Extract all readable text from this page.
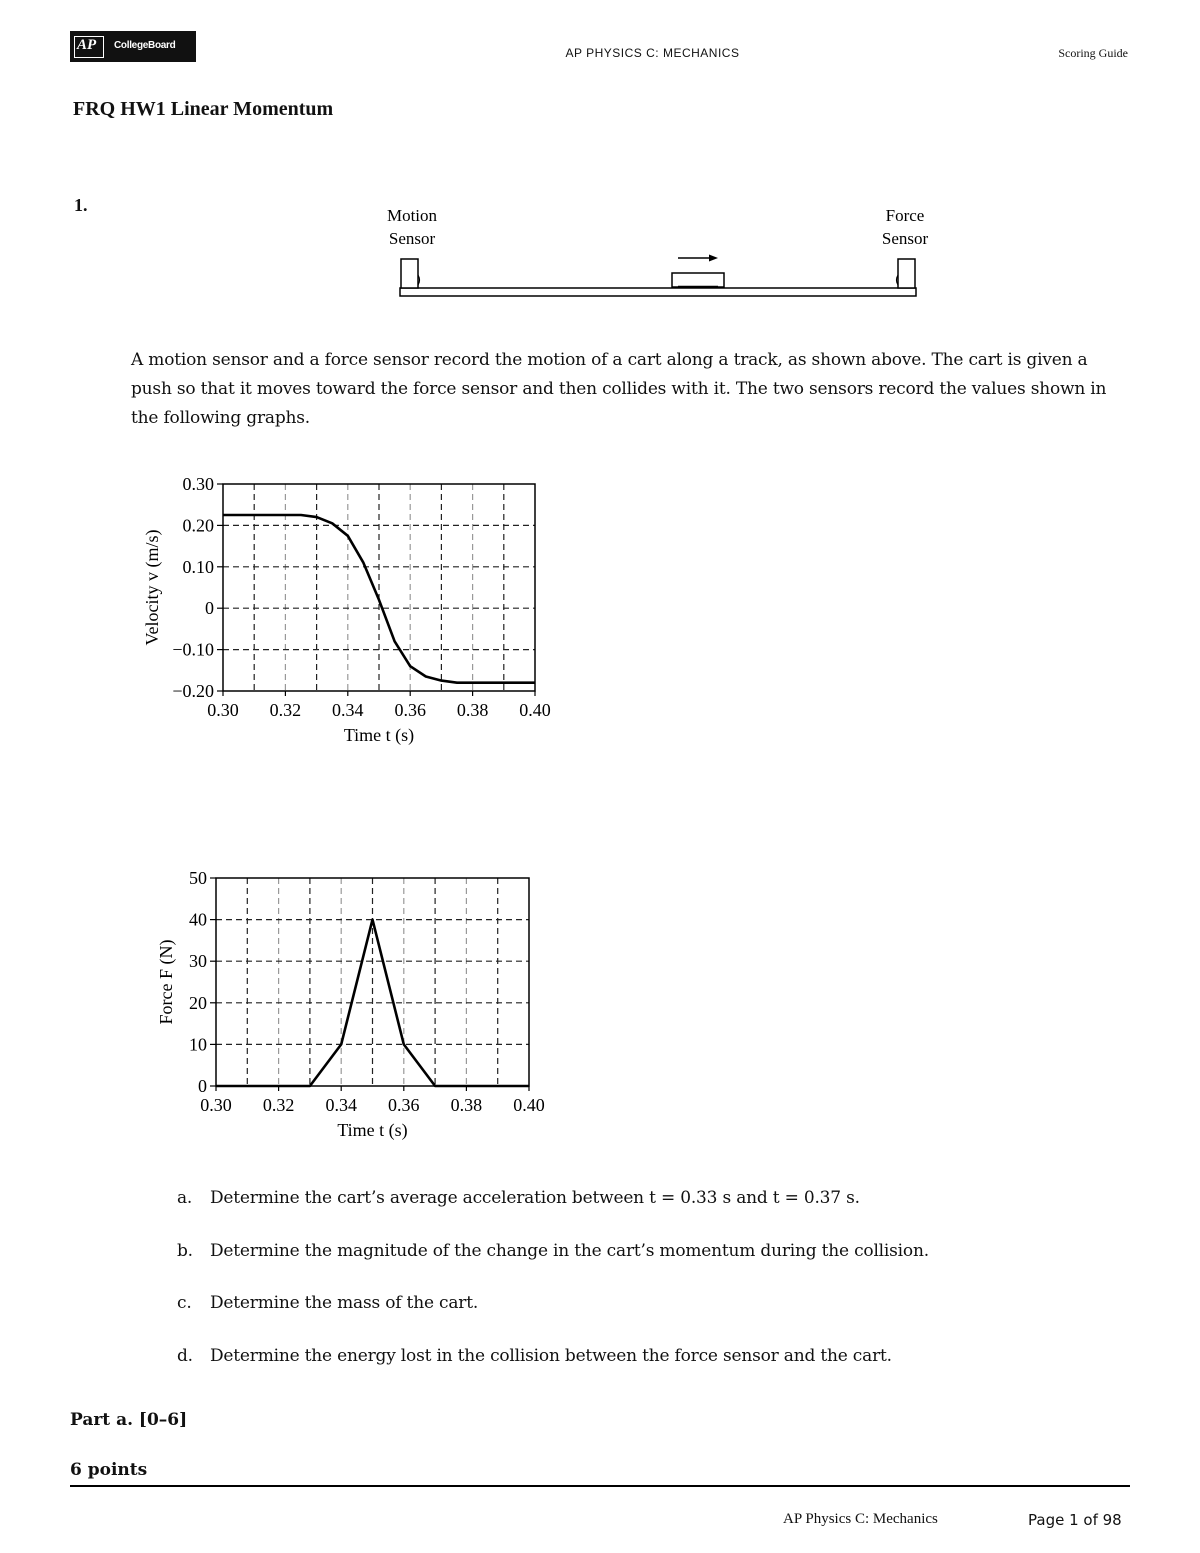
AP CollegeBoard
AP PHYSICS C: MECHANICS	Scoring Guide
FRQ HW1 Linear Momentum
1.
Motion
Sensor
Force
Sensor
A motion sensor and a force sensor record the motion of a cart along a track, as shown above. The cart is given a push so that it moves toward the force sensor and then collides with it. The two sensors record the values shown in the following graphs.
0.30
0.20
0.10
0
−0.10
−0.20
0.30 0.32 0.34 0.36 0.38 0.40
Time t (s)
Velocity v (m/s)
50
40
30
20
10
0
0.30 0.32 0.34 0.36 0.38 0.40
Time t (s)
Force F (N)
a. Determine the cart’s average acceleration between t = 0.33 s and t = 0.37 s.
b. Determine the magnitude of the change in the cart’s momentum during the collision.
c. Determine the mass of the cart.
d. Determine the energy lost in the collision between the force sensor and the cart.
Part a. [0–6]
6 points
AP Physics C: Mechanics	Page 1 of 98
